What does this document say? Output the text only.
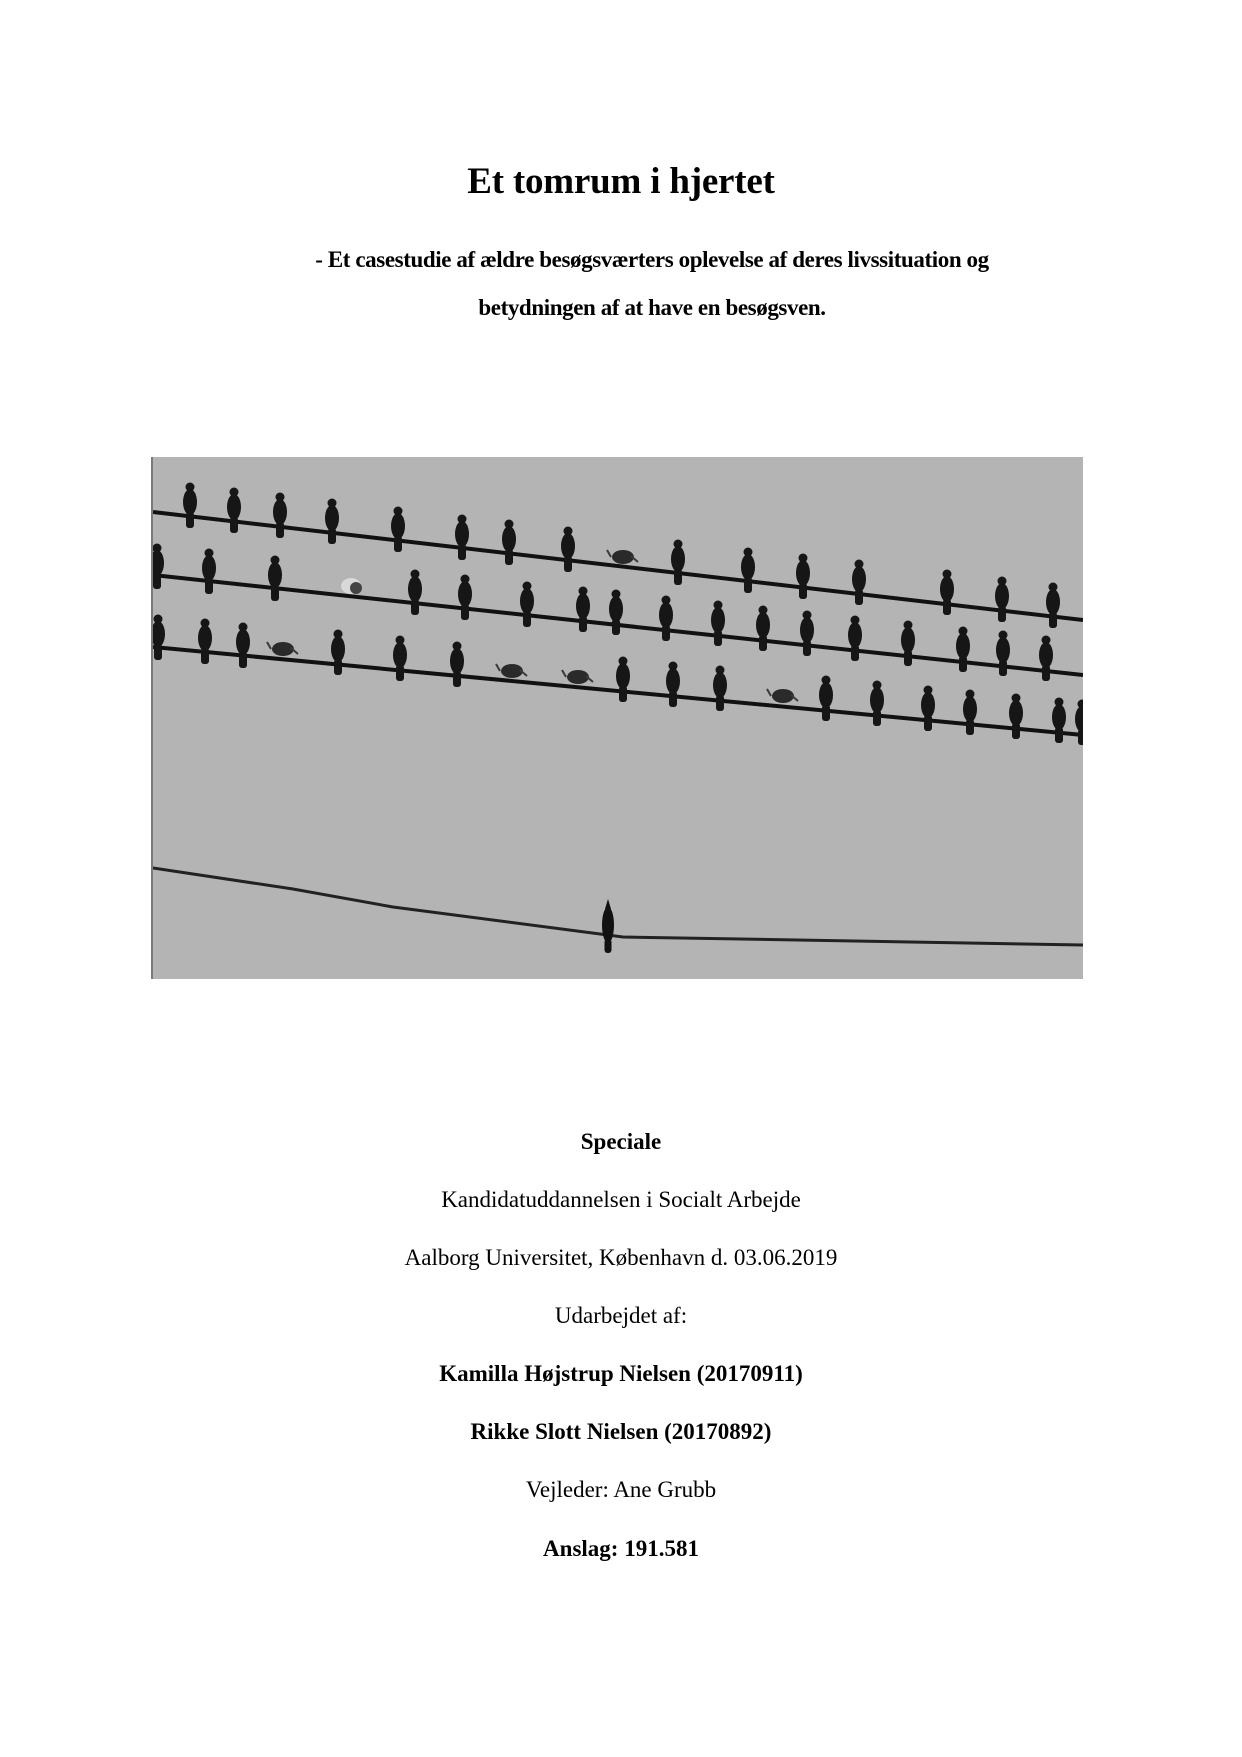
Et tomrum i hjertet
- Et casestudie af ældre besøgsværters oplevelse af deres livssituation og
betydningen af at have en besøgsven.
Speciale
Kandidatuddannelsen i Socialt Arbejde
Aalborg Universitet, København d. 03.06.2019
Udarbejdet af:
Kamilla Højstrup Nielsen (20170911)
Rikke Slott Nielsen (20170892)
Vejleder: Ane Grubb
Anslag: 191.581
